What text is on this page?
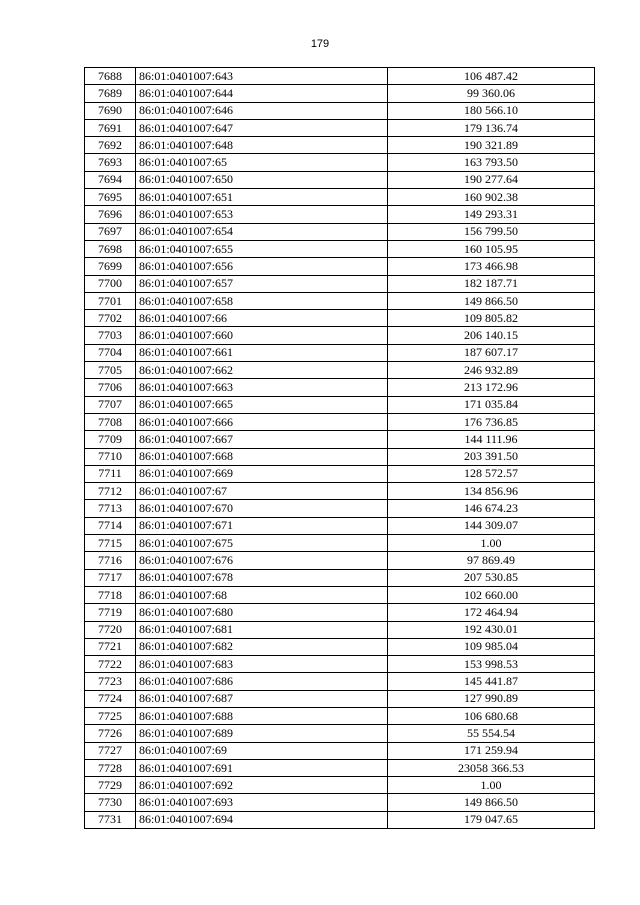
179
7688	86:01:0401007:643	106 487.42
7689	86:01:0401007:644	99 360.06
7690	86:01:0401007:646	180 566.10
7691	86:01:0401007:647	179 136.74
7692	86:01:0401007:648	190 321.89
7693	86:01:0401007:65	163 793.50
7694	86:01:0401007:650	190 277.64
7695	86:01:0401007:651	160 902.38
7696	86:01:0401007:653	149 293.31
7697	86:01:0401007:654	156 799.50
7698	86:01:0401007:655	160 105.95
7699	86:01:0401007:656	173 466.98
7700	86:01:0401007:657	182 187.71
7701	86:01:0401007:658	149 866.50
7702	86:01:0401007:66	109 805.82
7703	86:01:0401007:660	206 140.15
7704	86:01:0401007:661	187 607.17
7705	86:01:0401007:662	246 932.89
7706	86:01:0401007:663	213 172.96
7707	86:01:0401007:665	171 035.84
7708	86:01:0401007:666	176 736.85
7709	86:01:0401007:667	144 111.96
7710	86:01:0401007:668	203 391.50
7711	86:01:0401007:669	128 572.57
7712	86:01:0401007:67	134 856.96
7713	86:01:0401007:670	146 674.23
7714	86:01:0401007:671	144 309.07
7715	86:01:0401007:675	1.00
7716	86:01:0401007:676	97 869.49
7717	86:01:0401007:678	207 530.85
7718	86:01:0401007:68	102 660.00
7719	86:01:0401007:680	172 464.94
7720	86:01:0401007:681	192 430.01
7721	86:01:0401007:682	109 985.04
7722	86:01:0401007:683	153 998.53
7723	86:01:0401007:686	145 441.87
7724	86:01:0401007:687	127 990.89
7725	86:01:0401007:688	106 680.68
7726	86:01:0401007:689	55 554.54
7727	86:01:0401007:69	171 259.94
7728	86:01:0401007:691	23058 366.53
7729	86:01:0401007:692	1.00
7730	86:01:0401007:693	149 866.50
7731	86:01:0401007:694	179 047.65
